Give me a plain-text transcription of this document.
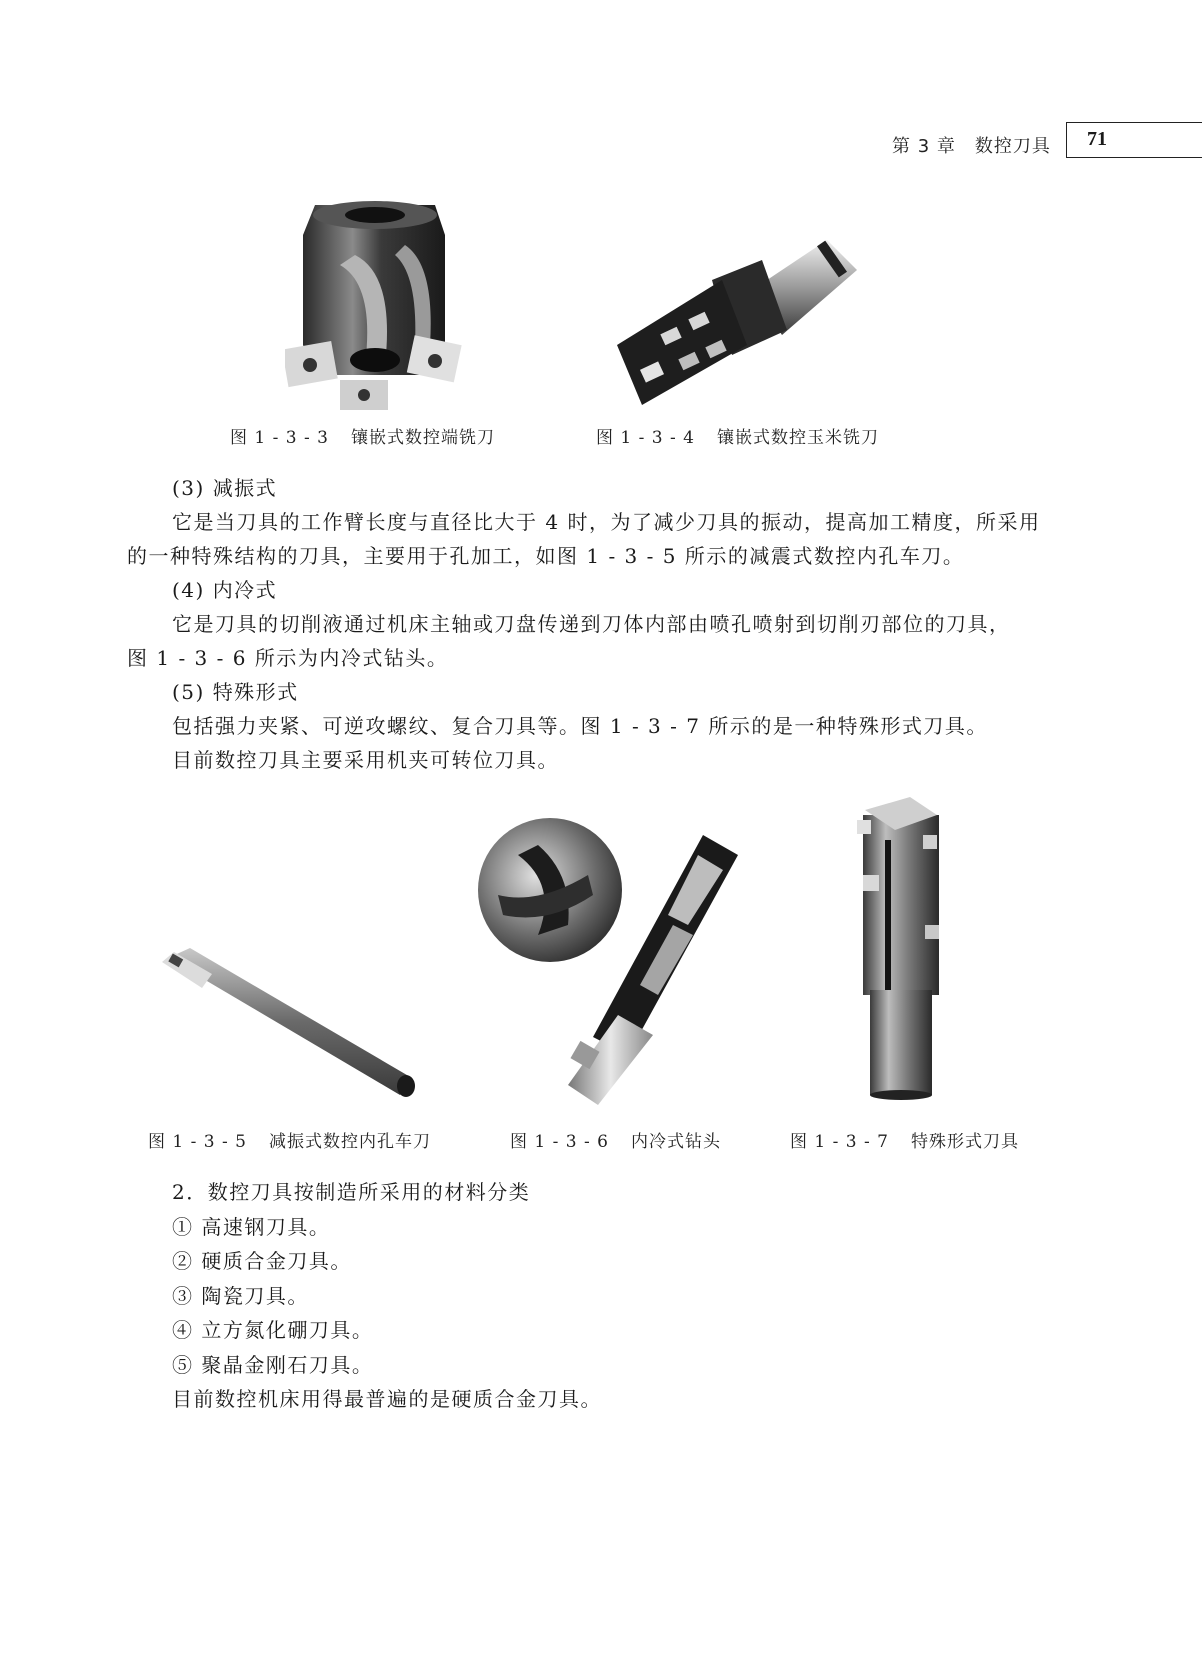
第 3 章　数控刀具 71
图 1 - 3 - 3 镶嵌式数控端铣刀	图 1 - 3 - 4 镶嵌式数控玉米铣刀
(3) 减振式
它是当刀具的工作臂长度与直径比大于 4 时，为了减少刀具的振动，提高加工精度，所采用
的一种特殊结构的刀具，主要用于孔加工，如图 1 - 3 - 5 所示的减震式数控内孔车刀。
(4) 内冷式
它是刀具的切削液通过机床主轴或刀盘传递到刀体内部由喷孔喷射到切削刃部位的刀具，
图 1 - 3 - 6 所示为内冷式钻头。
(5) 特殊形式
包括强力夹紧、可逆攻螺纹、复合刀具等。图 1 - 3 - 7 所示的是一种特殊形式刀具。
目前数控刀具主要采用机夹可转位刀具。
图 1 - 3 - 5 减振式数控内孔车刀	图 1 - 3 - 6 内冷式钻头	图 1 - 3 - 7 特殊形式刀具
2．数控刀具按制造所采用的材料分类
① 高速钢刀具。
② 硬质合金刀具。
③ 陶瓷刀具。
④ 立方氮化硼刀具。
⑤ 聚晶金刚石刀具。
目前数控机床用得最普遍的是硬质合金刀具。
